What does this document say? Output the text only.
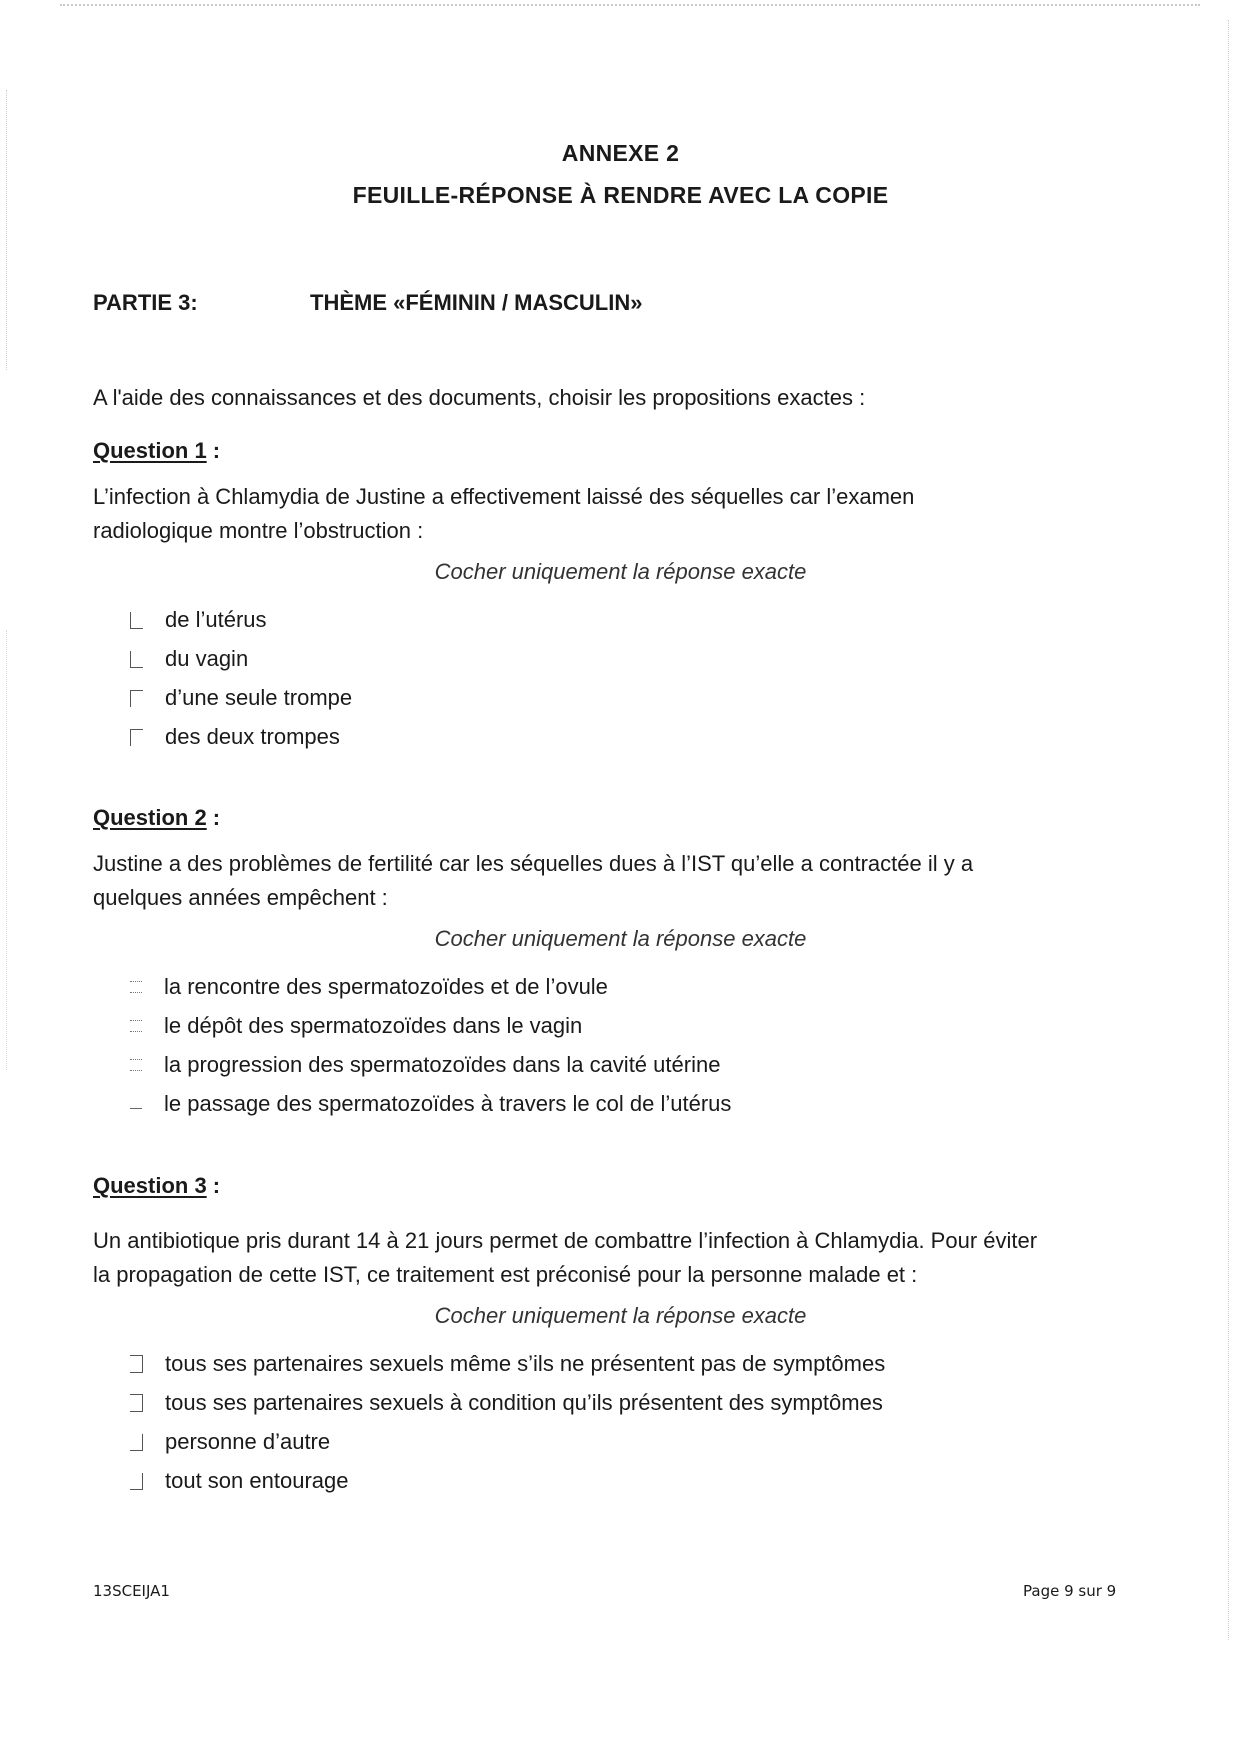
ANNEXE 2
FEUILLE-RÉPONSE À RENDRE AVEC LA COPIE
PARTIE 3:	THÈME «FÉMININ / MASCULIN»
A l'aide des connaissances et des documents, choisir les propositions exactes :
Question 1 :
L’infection à Chlamydia de Justine a effectivement laissé des séquelles car l’examen
radiologique montre l’obstruction :
Cocher uniquement la réponse exacte
de l’utérus
du vagin
d’une seule trompe
des deux trompes
Question 2 :
Justine a des problèmes de fertilité car les séquelles dues à l’IST qu’elle a contractée il y a
quelques années empêchent :
Cocher uniquement la réponse exacte
la rencontre des spermatozoïdes et de l’ovule
le dépôt des spermatozoïdes dans le vagin
la progression des spermatozoïdes dans la cavité utérine
le passage des spermatozoïdes à travers le col de l’utérus
Question 3 :
Un antibiotique pris durant 14 à 21 jours permet de combattre l’infection à Chlamydia. Pour éviter
la propagation de cette IST, ce traitement est préconisé pour la personne malade et :
Cocher uniquement la réponse exacte
tous ses partenaires sexuels même s’ils ne présentent pas de symptômes
tous ses partenaires sexuels à condition qu’ils présentent des symptômes
personne d’autre
tout son entourage
13SCEIJA1	Page 9 sur 9
